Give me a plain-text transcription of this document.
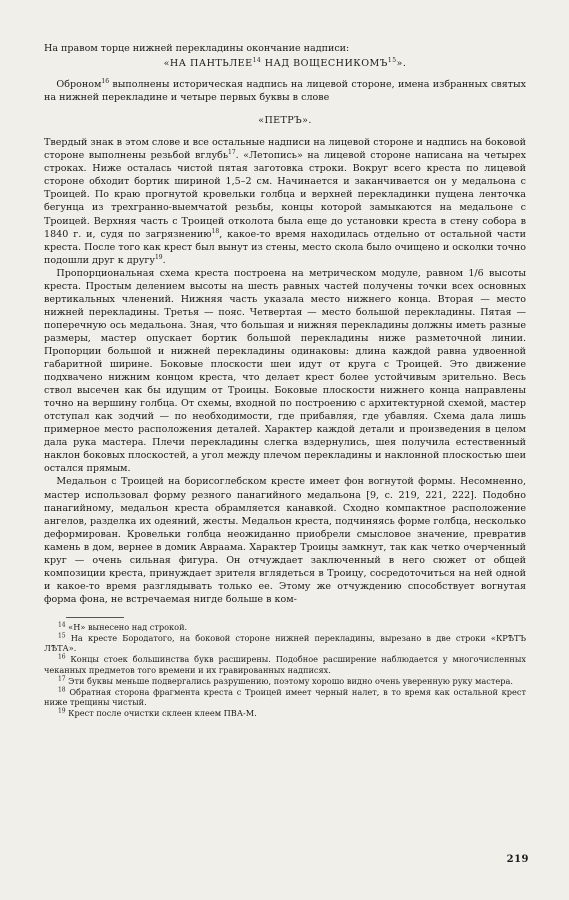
На правом торце нижней перекладины окончание надписи:

«НА ПАНТЬЛЕЕ$^{14}$ НАД ВОЩЕСНИКОМЪ$^{15}$».

Обрoном$^{16}$ выполнены историческая надпись на лицевой стороне, имена избранных святых на нижней перекладине и четыре первых буквы в слове

«ПЕТРЪ».

Твердый знак в этом слове и все остальные надписи на лицевой стороне и надпись на боковой стороне выполнены резьбой вглубь$^{17}$. «Летопись» на лицевой стороне написана на четырех строках. Ниже осталась чистой пятая заготовка строки. Вокруг всего креста по лицевой стороне обходит бортик шириной 1,5–2 см. Начинается и заканчивается он у медальона с Троицей. По краю прогнутой кровельки голбца и верхней перекладинки пущена ленточка бегунца из трехгранно-выемчатой резьбы, концы которой замыкаются на медальоне с Троицей. Верхняя часть с Троицей отколота была еще до установки креста в стену собора в 1840 г. и, судя по загрязнению$^{18}$, какое-то время находилась отдельно от остальной части креста. После того как крест был вынут из стены, место скола было очищено и осколки точно подошли друг к другу$^{19}$.

Пропорциональная схема креста построена на метрическом модуле, равном 1/6 высоты креста. Простым делением высоты на шесть равных частей получены точки всех основных вертикальных членений. Нижняя часть указала место нижнего конца. Вторая — место нижней перекладины. Третья — пояс. Четвертая — место большой перекладины. Пятая — поперечную ось медальона. Зная, что большая и нижняя перекладины должны иметь разные размеры, мастер опускает бортик большой перекладины ниже разметочной линии. Пропорции большой и нижней перекладины одинаковы: длина каждой равна удвоенной габаритной ширине. Боковые плоскости шеи идут от круга с Троицей. Это движение подхвачено нижним концом креста, что делает крест более устойчивым зрительно. Весь ствол высечен как бы идущим от Троицы. Боковые плоскости нижнего конца направлены точно на вершину голбца. От схемы, входной по построению с архитектурной схемой, мастер отступал как зодчий — по необходимости, где прибавляя, где убавляя. Схема дала лишь примерное место расположения деталей. Характер каждой детали и произведения в целом дала рука мастера. Плечи перекладины слегка вздернулись, шея получила естественный наклон боковых плоскостей, а угол между плечом перекладины и наклонной плоскостью шеи остался прямым.

Медальон с Троицей на борисоглебском кресте имеет фон вогнутой формы. Несомненно, мастер использовал форму резного панагийного медальона [9, с. 219, 221, 222]. Подобно панагийному, медальон креста обрамляется канавкой. Сходно компактное расположение ангелов, разделка их одеяний, жесты. Медальон креста, подчиняясь форме голбца, несколько деформирован. Кровельки голбца неожиданно приобрели смысловое значение, превратив камень в дом, вернее в домик Авраама. Характер Троицы замкнут, так как четко очерченный круг — очень сильная фигура. Он отчуждает заключенный в него сюжет от общей композиции креста, принуждает зрителя вглядеться в Троицу, сосредоточиться на ней одной и какое-то время разглядывать только ее. Этому же отчуждению способствует вогнутая форма фона, не встречаемая нигде больше в ком-

$^{14}$ «Н» вынесено над строкой.

$^{15}$ На кресте Бородатого, на боковой стороне нижней перекладины, вырезано в две строки «КРѢТЪ ЛѢТА».

$^{16}$ Концы стоек большинства букв расширены. Подобное расширение наблюдается у многочисленных чеканных предметов того времени и их гравированных надписях.

$^{17}$ Эти буквы меньше подвергались разрушению, поэтому хорошо видно очень уверенную руку мастера.

$^{18}$ Обратная сторона фрагмента креста с Троицей имеет черный налет, в то время как остальной крест ниже трещины чистый.

$^{19}$ Крест после очистки склеен клеем ПВА-М.

219
